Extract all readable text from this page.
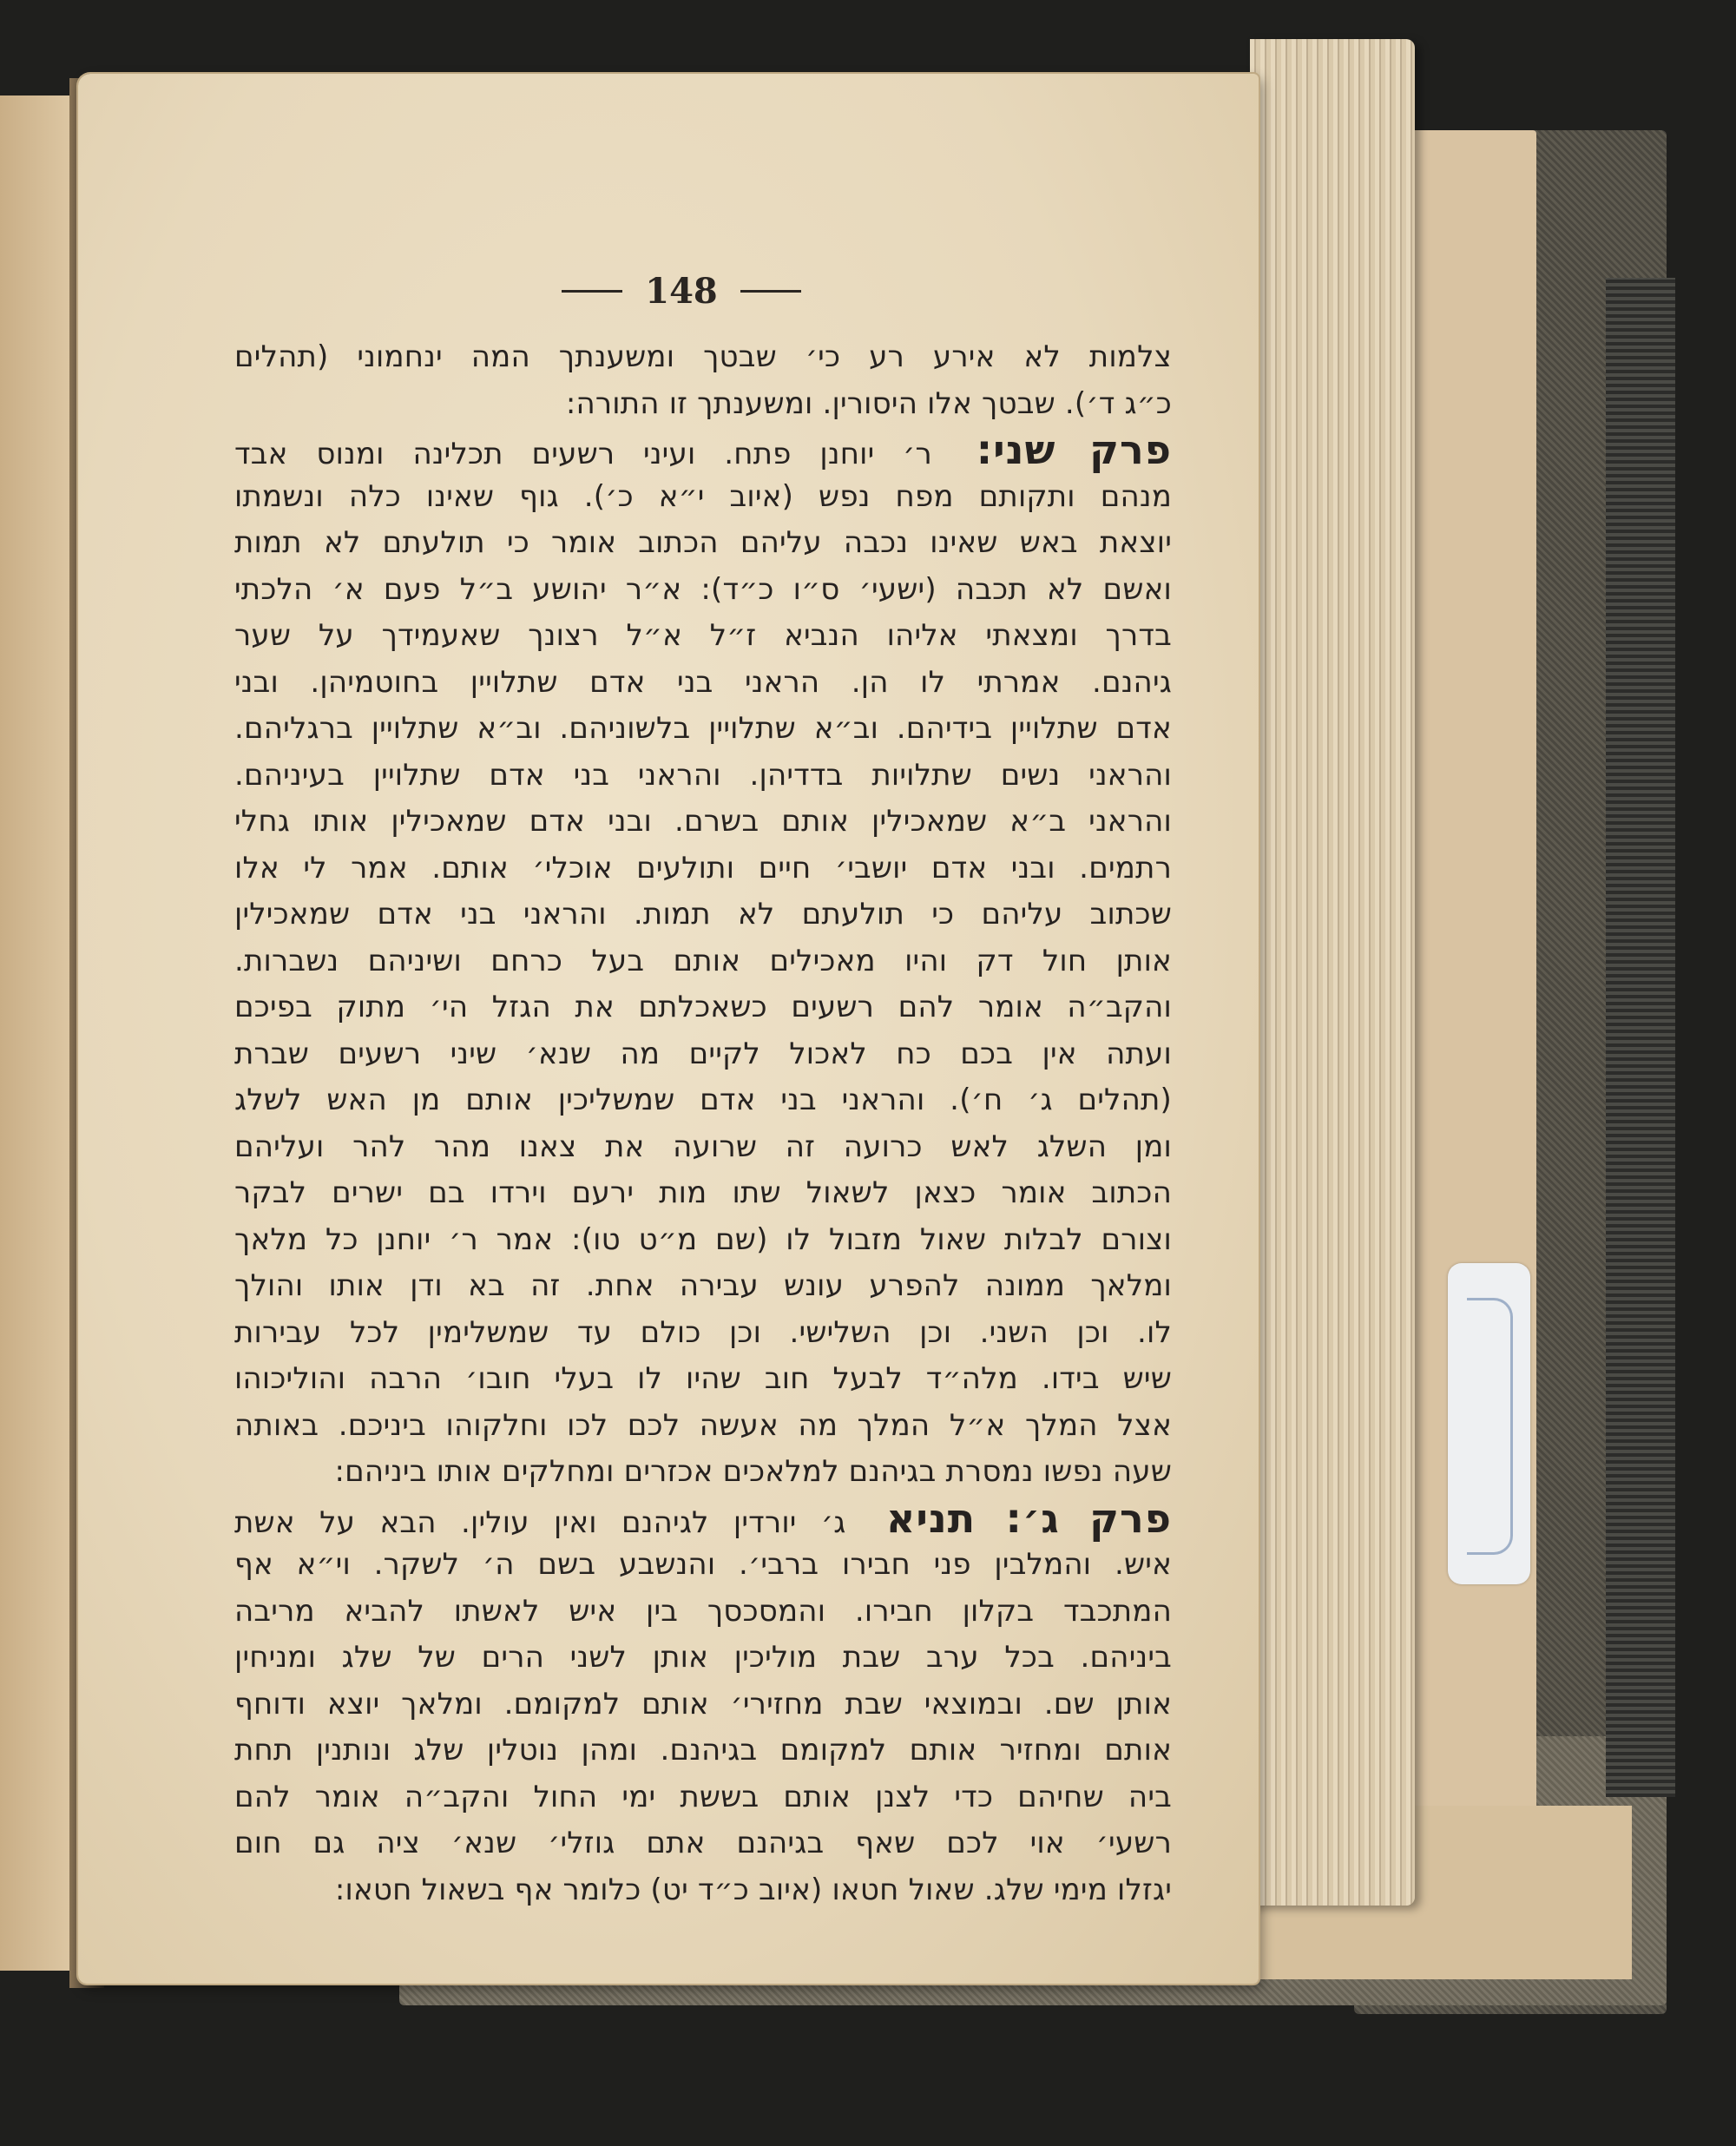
148
צלמות לא אירע רע כי׳ שבטך ומשענתך המה ינחמוני (תהלים
כ״ג ד׳). שבטך אלו היסורין. ומשענתך זו התורה:
פרק שני: ר׳ יוחנן פתח. ועיני רשעים תכלינה ומנוס אבד
מנהם ותקותם מפח נפש (איוב י״א כ׳). גוף שאינו כלה ונשמתו
יוצאת באש שאינו נכבה עליהם הכתוב אומר כי תולעתם לא תמות
ואשם לא תכבה (ישעי׳ ס״ו כ״ד): א״ר יהושע ב״ל פעם א׳ הלכתי
בדרך ומצאתי אליהו הנביא ז״ל א״ל רצונך שאעמידך על שער
גיהנם. אמרתי לו הן. הראני בני אדם שתלויין בחוטמיהן. ובני
אדם שתלויין בידיהם. וב״א שתלויין בלשוניהם. וב״א שתלויין ברגליהם.
והראני נשים שתלויות בדדיהן. והראני בני אדם שתלויין בעיניהם.
והראני ב״א שמאכילין אותם בשרם. ובני אדם שמאכילין אותו גחלי
רתמים. ובני אדם יושבי׳ חיים ותולעים אוכלי׳ אותם. אמר לי אלו
שכתוב עליהם כי תולעתם לא תמות. והראני בני אדם שמאכילין
אותן חול דק והיו מאכילים אותם בעל כרחם ושיניהם נשברות.
והקב״ה אומר להם רשעים כשאכלתם את הגזל הי׳ מתוק בפיכם
ועתה אין בכם כח לאכול לקיים מה שנא׳ שיני רשעים שברת
(תהלים ג׳ ח׳). והראני בני אדם שמשליכין אותם מן האש לשלג
ומן השלג לאש כרועה זה שרועה את צאנו מהר להר ועליהם
הכתוב אומר כצאן לשאול שתו מות ירעם וירדו בם ישרים לבקר
וצורם לבלות שאול מזבול לו (שם מ״ט טו): אמר ר׳ יוחנן כל מלאך
ומלאך ממונה להפרע עונש עבירה אחת. זה בא ודן אותו והולך
לו. וכן השני. וכן השלישי. וכן כולם עד שמשלימין לכל עבירות
שיש בידו. מלה״ד לבעל חוב שהיו לו בעלי חובו׳ הרבה והוליכוהו
אצל המלך א״ל המלך מה אעשה לכם לכו וחלקוהו ביניכם. באותה
שעה נפשו נמסרת בגיהנם למלאכים אכזרים ומחלקים אותו ביניהם:
פרק ג׳: תניא ג׳ יורדין לגיהנם ואין עולין. הבא על אשת
איש. והמלבין פני חבירו ברבי׳. והנשבע בשם ה׳ לשקר. וי״א אף
המתכבד בקלון חבירו. והמסכסך בין איש לאשתו להביא מריבה
ביניהם. בכל ערב שבת מוליכין אותן לשני הרים של שלג ומניחין
אותן שם. ובמוצאי שבת מחזירי׳ אותם למקומם. ומלאך יוצא ודוחף
אותם ומחזיר אותם למקומם בגיהנם. ומהן נוטלין שלג ונותנין תחת
ביה שחיהם כדי לצנן אותם בששת ימי החול והקב״ה אומר להם
רשעי׳ אוי לכם שאף בגיהנם אתם גוזלי׳ שנא׳ ציה גם חום
יגזלו מימי שלג. שאול חטאו (איוב כ״ד יט) כלומר אף בשאול חטאו:
